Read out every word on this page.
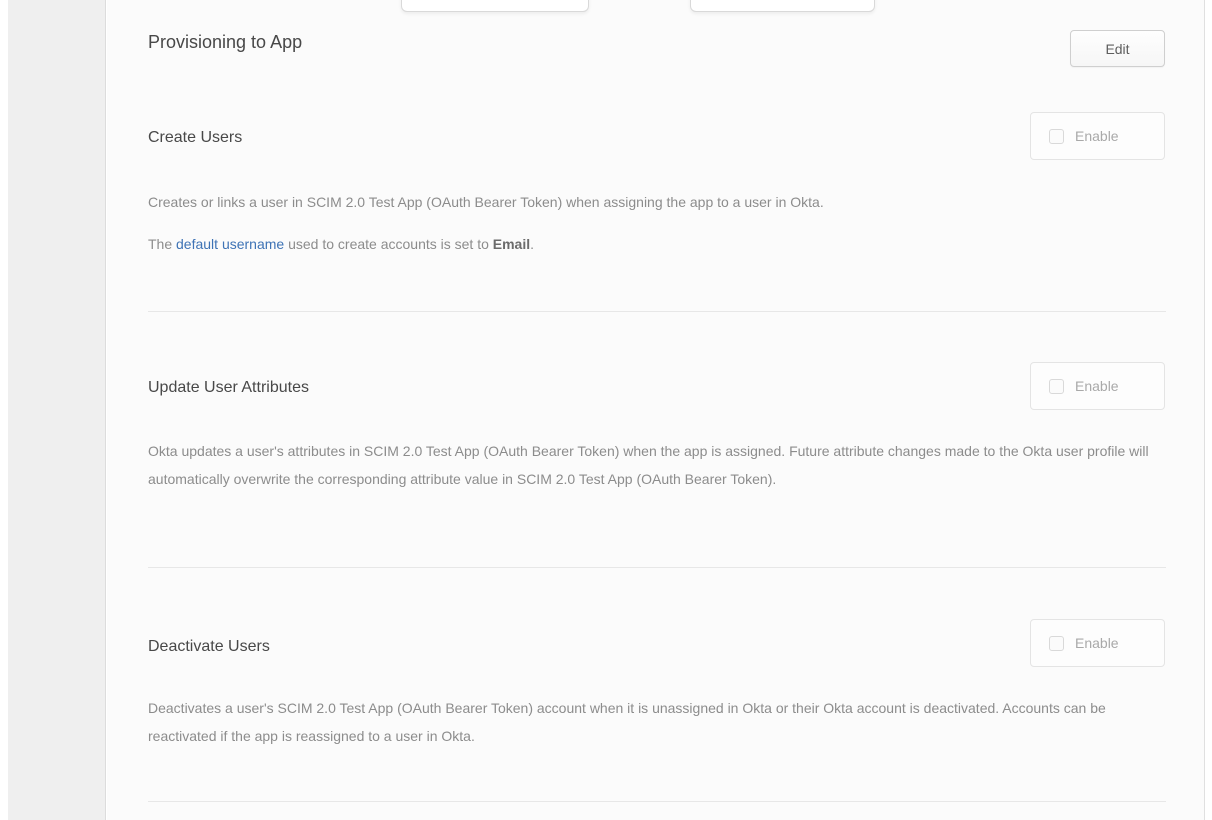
Provisioning to App	Edit
Create Users	Enable

Creates or links a user in SCIM 2.0 Test App (OAuth Bearer Token) when assigning the app to a user in Okta.

The default username used to create accounts is set to Email.

Update User Attributes	Enable

Okta updates a user's attributes in SCIM 2.0 Test App (OAuth Bearer Token) when the app is assigned. Future attribute changes made to the Okta user profile will automatically overwrite the corresponding attribute value in SCIM 2.0 Test App (OAuth Bearer Token).

Deactivate Users	Enable

Deactivates a user's SCIM 2.0 Test App (OAuth Bearer Token) account when it is unassigned in Okta or their Okta account is deactivated. Accounts can be reactivated if the app is reassigned to a user in Okta.
